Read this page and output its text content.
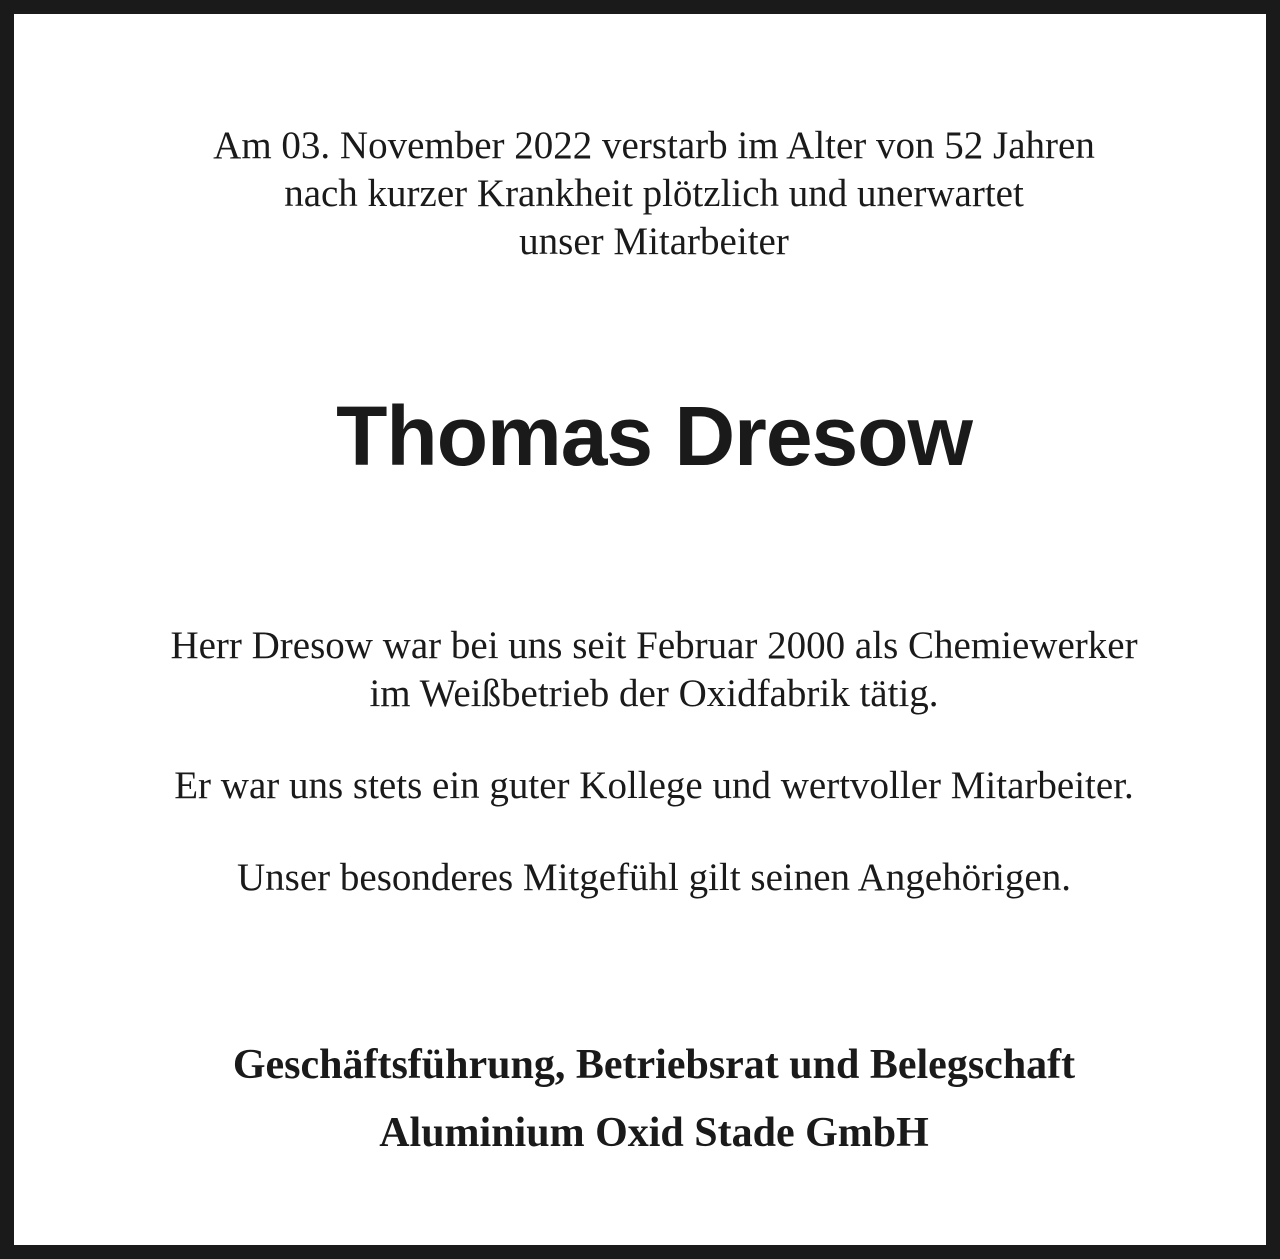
Am 03. November 2022 verstarb im Alter von 52 Jahren
nach kurzer Krankheit plötzlich und unerwartet
unser Mitarbeiter
Thomas Dresow
Herr Dresow war bei uns seit Februar 2000 als Chemiewerker
im Weißbetrieb der Oxidfabrik tätig.
Er war uns stets ein guter Kollege und wertvoller Mitarbeiter.
Unser besonderes Mitgefühl gilt seinen Angehörigen.
Geschäftsführung, Betriebsrat und Belegschaft
Aluminium Oxid Stade GmbH
